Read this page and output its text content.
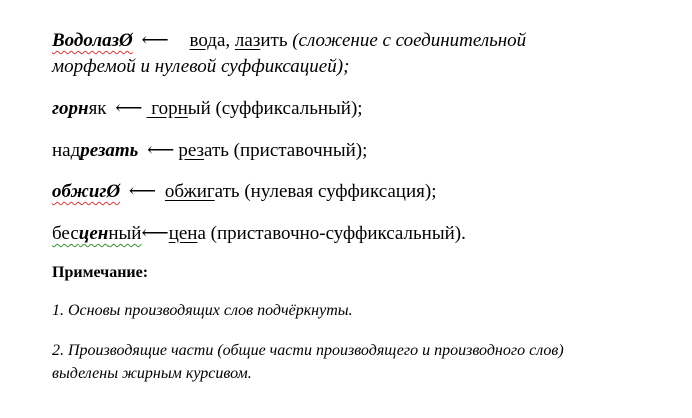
ВодолазØ ⟵ вода, лазить (сложение с соединительной
морфемой и нулевой суффиксацией);
горняк ⟵ горный (суффиксальный);
надрезать ⟵ резать (приставочный);
обжигØ ⟵ обжигать (нулевая суффиксация);
бесценный⟵цена (приставочно-суффиксальный).
Примечание:
1. Основы производящих слов подчёркнуты.
2. Производящие части (общие части производящего и производного слов)
выделены жирным курсивом.
